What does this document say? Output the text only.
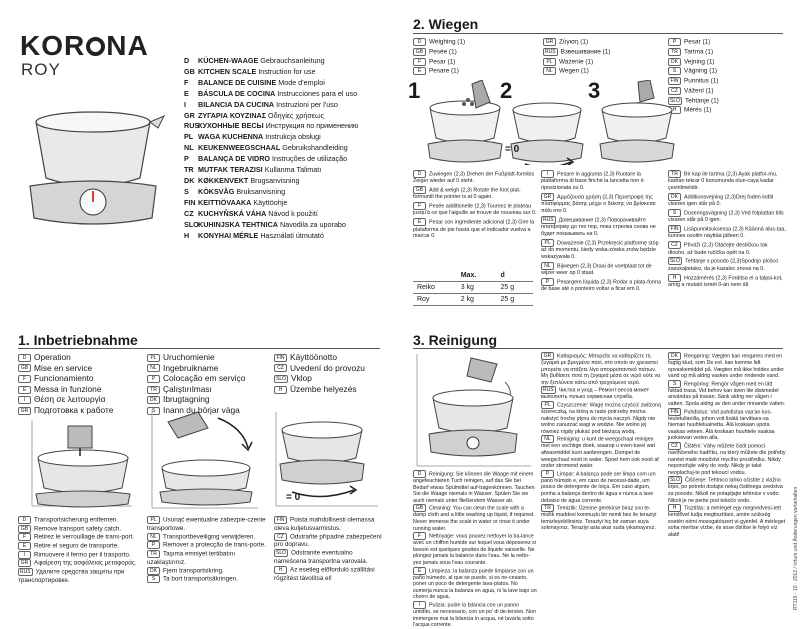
KOR NA
ROY	D KÜCHEN-WAAGE Gebrauchsanleitung
GB KITCHEN SCALE Instruction for use
F BALANCE DE CUISINE Mode d'emploi
E BÁSCULA DE COCINA Instrucciones para el uso
I BILANCIA DA CUCINA Instruzioni per l'uso
GR ΖΥΓΑΡΙΑ ΚΟΥΖΙΝΑΣ Οδηγίες χρήσεως
RUS КУХОННЫЕ ВЕСЫ Инструкция по применению
PL WAGA KUCHENNA Instrukcja obsługi
NL KEUKENWEEGSCHAAL Gebruikshandleiding
P BALANÇA DE VIDRO Instruções de utilização
TR MUTFAK TERAZISI Kullanma Talimatı
DK KØKKENVEKT Brugsanvisning
S KÖKSVÅG Bruksanvisning
FIN KEITTIÖVAAKA Käyttöohje
CZ KUCHYŇSKÁ VÁHA Návod k použití
SLO KUHINJSKA TEHTNICA Navodila za uporabo
H KONYHAI MÉRLE Használati útmutató
2. Wiegen
D Weighing (1)
GB Pesée (1)
F Pesar (1)
E Pesare (1)
GR Ζύγιση (1)
RUS Взвешивание (1)
PL Ważenie (1)
NL Wegen (1)
P Pesar (1)
TR Tartma (1)
DK Vejning (1)
S Vägning (1)
FIN Punnitus (1)
CZ Vážení (1)
SLO Tehtanje (1)
H Mérés (1)
1	2	3
= 0
D Zuwiegen (2,3) Drehen der Fußplatt-formbis Zeiger wieder auf 0 steht.
GB Add & weigh (2,3) Rotate the foot plat-formuntil the pointer is at 0 again.
F Pesée additionelle (2,3) Tournez le plateau jusqu'à ce que l'aiguille se trouve de nouveau sur 0.
E Pesar con ingrediente adicional (2,3) Gire la plataforma de pie hasta que el indicador vuelva a marcar 0.
	Max.	d
Reiko	3 kg	25 g
Roy	2 kg	25 g
I Pesare in aggiunta (2,3) Ruotare la piattaforma di base finché la lancetta non è riposizionata su 0.
GR Αρμόζουσα χρήση (2,3) Περιστροφή της πλατφόρμας βάσης μέχρι ο δείκτης να βρίσκεται πάλι στο 0.
RUS Довешивание (2,3) Поворачивайте платформу до тех пор, пока стрелка снова не будет показывать на 0.
PL Doważenie (2,3) Przekręcić platformę stóp aż do momentu, kiedy wska-zówka znów będzie wskazywała 0.
NL Bijwegen (2,3) Draai de voetplaat tot de wijzer weer op 0 staat.
P Pesargem líquida (2,3) Rodar a plata-forma de base até o ponteiro voltar a ficar em 0.
TR Bir kap ile tartma (2,3) Ayak platfor-mu, kadran tekrar 0 konumunda olun-caya kadar çevirilmelidir.
DK Additionsvejning (2,3)Drej foden indtil viseren igen står på 0.
S Doseringsvägning (2,3) Vrid fotplattan tills visaren står på 0 igen.
FIN Lisäpunnitsuksessa (2,3) Käännä alus-taa, kunnes osoitin näyttää jälleen 0.
CZ Přiváží (2,3) Otáčejte destičkou tak dlouho, až bude ručička opět na 0.
SLO Tehtanje s posodo (2,3)Spodnjo plošco zasukajtetako, da je kazalec znova na 0.
H Hozzámérés (2,3) Forditsa el a talpsi-kot, amíg a mutató ismét 0-án nem áll.
1. Inbetriebnahme
D Operation
GB Mise en service
F Funcionamiento
E Messa in funzione
I Θέση σε λειτουργία
GR Подготовка к работе
PL Uruchomienie
NL Ingebruikname
P Colocação em serviço
TR Çalıştırılması
DK Ibrugtagning
S Inann du börjar väga
FIN Käyttöönotto
CZ Uvedení do provozu
SLO Vklop
H Üzembe helyezés
= 0
D Transportsicherung entfernen.
GB Remove transport safety catch.
F Retirez le verrouillage de trans-port.
E Retire el seguro de transporte.
I Rimuovere il fermo per il trasporto.
GR Αφαίρεση της ασφάλειας μεταφοράς.
RUS Удалите средства защиты при транспортировке.
PL Usunąć ewentualne zabezpie-czenie transportowe.
NL Transportbeveiliging verwijderen.
P Remover a protecção de trans-porte.
TR Taşıma emniyet tertibatını uzaklaştırınız.
DK Fjern transportsikring.
S Ta bort transportsäkringen.
FIN Poista mahdollisesti olemassa oleva kuljetusvarmistus.
CZ Odstraňte případné zabezpečení pro dopravu.
SLO Odstranite eventualno namešcena transportna varovala.
H Az esetleg előforduló szállítási rögzítést távolítsa el!
3. Reinigung
D Reinigung: Sie können die Waage mit einem angefeuchteten Tuch reinigen, auf das Sie bei Bedarf etwas Spülmittel auf-tragenkönnen. Tauchen Sie die Waage niemals in Wasser. Spülen Sie sie auch niemals unter fließendem Wasser ab.
GB Cleaning: You can clean the scale with a damp cloth and a little washing up liquid, if required. Never immerse the scale in water or rinse it under running water.
F Nettoyage: vous pouvez nettoyer la ba-lance avec un chiffon humide sur lequel vous déposerez si besoin est quelques gouttes de liquide vaisselle. Ne plongez jamais la balance dans l'eau. Ne la netto-yez jamais sous l'eau courante.
E Limpieza: la balanza puede limpiarse con un paño húmedo, al que se puede, si es ne-cesario, poner un poco de detergente lava-platos. No sumerja nunca la balanza en agua, ni la lave bajo un chorro de agua.
I Pulizia: pulire la bilancia con un panno umidito, se necessario, con un po' di de-tersivo. Non immergere mai la bilancia in acqua, né lavarla sotto l'acqua corrente.
GR Καθαρισμός: Μπορείτε να καθαρίζετε τη ζυγαριά με βρεγμένο πανί, στο οποίο αν χρειαστεί μπορείτε να στάξετε λίγο απορρυπαντικό πιάτων. Μη βυθίσετε ποτέ τη ζυγαριά μέσα σε νερό ούτε να την ξεπλύνετε κάτω από τρεχούμενο νερό.
RUS Чистка и уход – Ремонт весов может выполнять только сервисная служба.
PL Czyszczenie: Wagę można czyścić zwilżoną ściereczką, na którą w razie potrzeby można nałożyć trochę płynu do mycia naczyń. Nigdy nie wolno zanurzać wagi w wodzie. Nie wolno jej również nigdy płukać pod bieżącą wodą.
NL Reiniging: u kunt de weegschaal reinigen met een vochtige doek, waarop u even-tueel wat afwasmiddel kunt aanbrengen. Dompel de weegschaal nooit in water. Spoel hem ook nooit af onder stromend water.
P Limpar: A balança pode ser limpa com um pano húmido e, em caso de necessi-dade, um pouco de detergente de loiça. Em caso algum, ponha a balança dentro de água e nunca a lave debaixo de água corrente.
TR Temizlik: Üzerine gerekirse biraz sıvı te-mizlik maddesi konmuşlu bir nemli bez ile teraziyi temizleyebilirsiniz. Teraziyi hiç bir zaman suya sokmayınız. Teraziyi asla akar suda yıkamayınız.
DK Rengøring: Vægten kan rengøres med en fugtig klud, som De evt. kan komme lidt opvaskemiddel på. Vægten må ikke holdes under vand og må aldrig vaskes under rindende vand.
S Rengöring: Rengör vågen med en lätt fuktad trasa. Vid behov kan även lite diskmedel användas på trasan. Sänk aldrig ner vågen i vatten. Spola aldrig av den under rinnande vatten.
FIN Puhdistus: Voit puhdistaa vaa'an kos-teutetullanilla, johon voit lisätä tarvittaes-sa hieman huuhteluainetta. Älä koskaan upota vaakaa veteen. Älä koskaan huuhtele vaakaa juoksevan veden alla.
CZ Čištění: Váhy můžete čistit pomocí navlhčeného hadříku, na který můžete dle potřeby nanést malé množství mycího prostředku. Nikdy neponořujte váhy do vody. Nikdy je také neoplachuj-te pod tekoucí vodou.
SLO Čiščenje: Tehtnico lahko očistite z vlažno krpo, po potrebi dodajte nekaj čistilnega sredstva za posodo. Nikoli ne potapljajte tehtnice v vodo. Nikoli je ne perite pod tekočo vodo.
H Tisztítás: a mérleget egy megnedvesí-tett kendővel tudja megtisztítani, amire szükség esetén némi mosogatószert vi-gyenfel. A mérleget soha merítse vízbe, és sose öblítse le folyó víz alatt!	RT115 · 10 · 2012 / Irrtum und Änderungen vorbehalten
